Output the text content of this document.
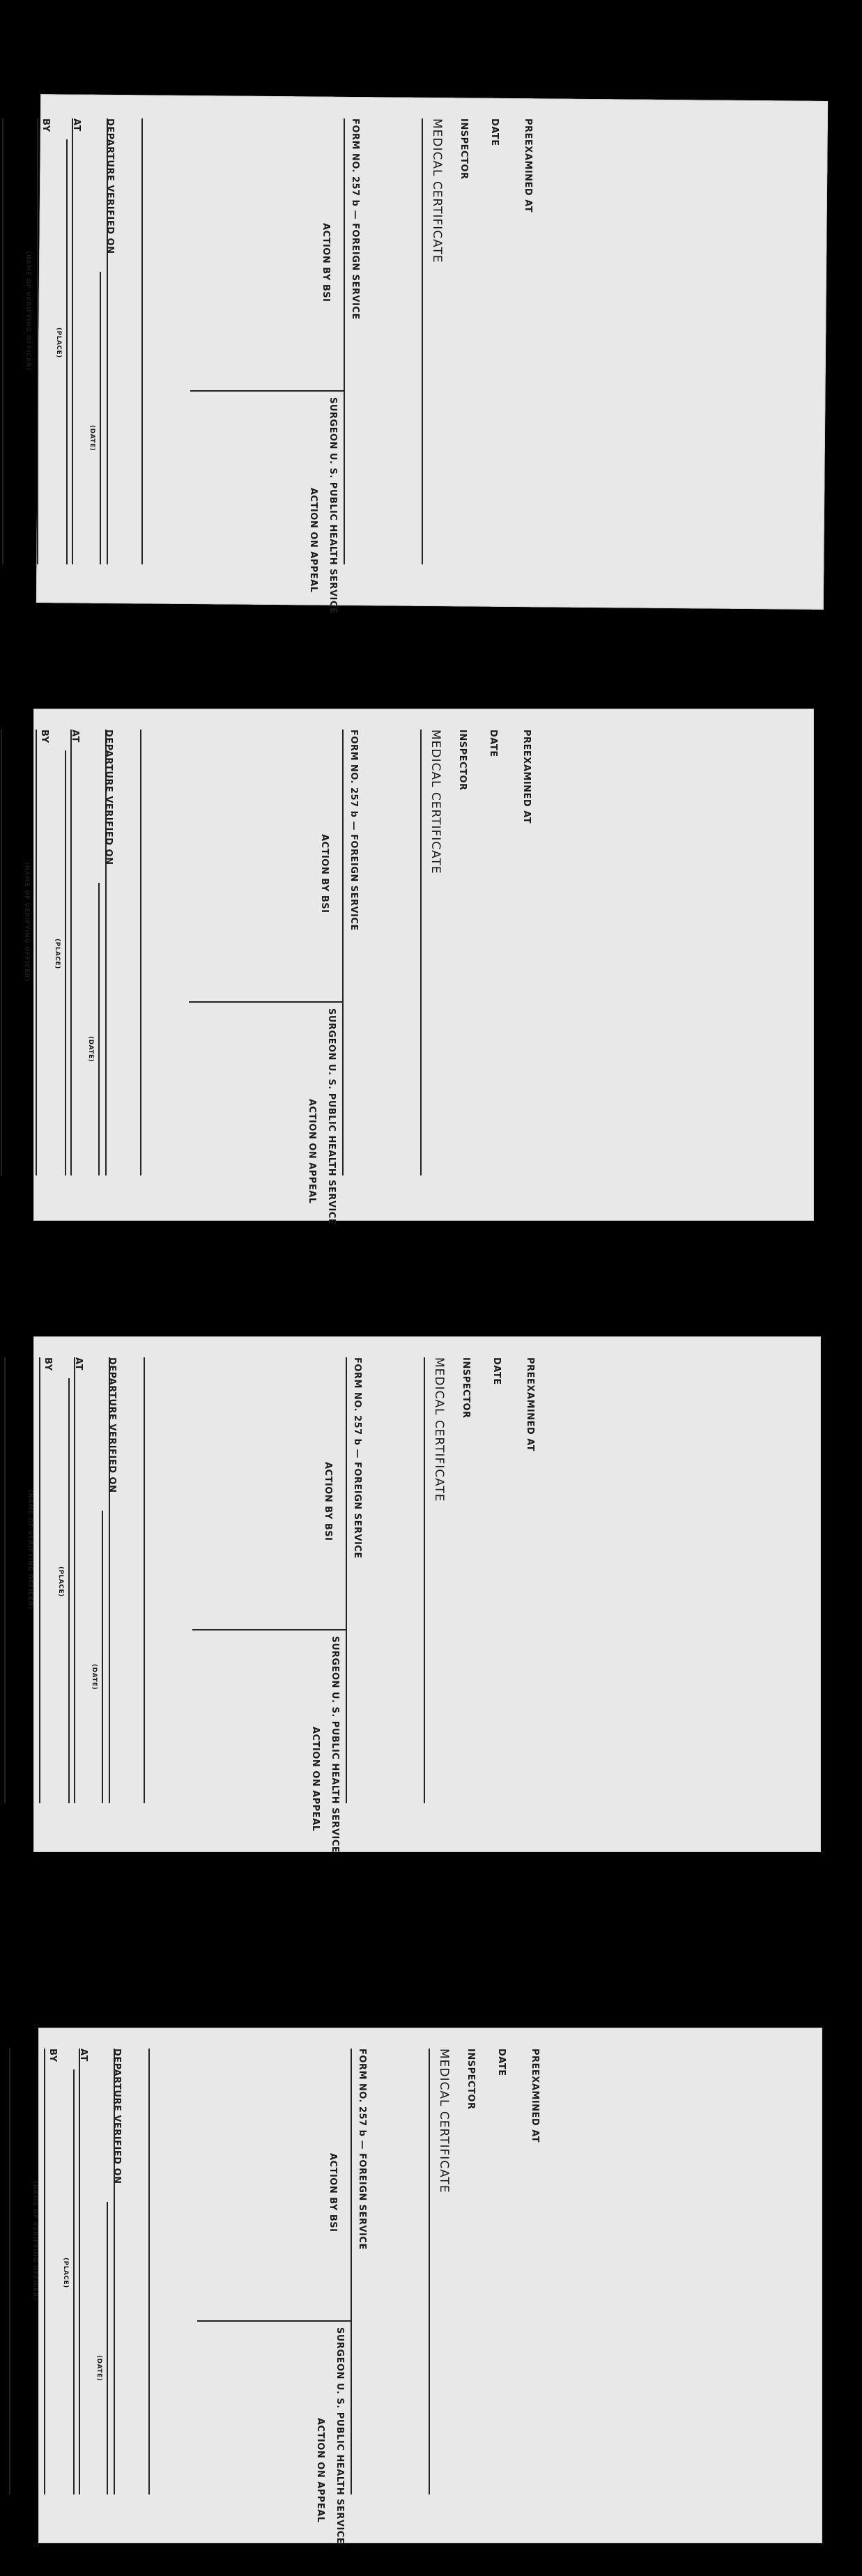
PREEXAMINED AT
DATE
INSPECTOR
MEDICAL CERTIFICATE
FORM NO. 257 b — FOREIGN SERVICE
ACTION BY BSI
SURGEON U. S. PUBLIC HEALTH SERVICE
ACTION ON APPEAL
DEPARTURE VERIFIED ON
(DATE)
AT
(PLACE)
BY
(NAME OF VERIFYING OFFICER)
PREEXAMINED AT
DATE
INSPECTOR
MEDICAL CERTIFICATE
FORM NO. 257 b — FOREIGN SERVICE
ACTION BY BSI
SURGEON U. S. PUBLIC HEALTH SERVICE
ACTION ON APPEAL
DEPARTURE VERIFIED ON
(DATE)
AT
(PLACE)
BY
(NAME OF VERIFYING OFFICER)
PREEXAMINED AT
DATE
INSPECTOR
MEDICAL CERTIFICATE
FORM NO. 257 b — FOREIGN SERVICE
ACTION BY BSI
SURGEON U. S. PUBLIC HEALTH SERVICE
ACTION ON APPEAL
DEPARTURE VERIFIED ON
(DATE)
AT
(PLACE)
BY
(NAME OF VERIFYING OFFICER)
PREEXAMINED AT
DATE
INSPECTOR
MEDICAL CERTIFICATE
FORM NO. 257 b — FOREIGN SERVICE
ACTION BY BSI
SURGEON U. S. PUBLIC HEALTH SERVICE
ACTION ON APPEAL
DEPARTURE VERIFIED ON
(DATE)
AT
(PLACE)
BY
(NAME OF VERIFYING OFFICER)
